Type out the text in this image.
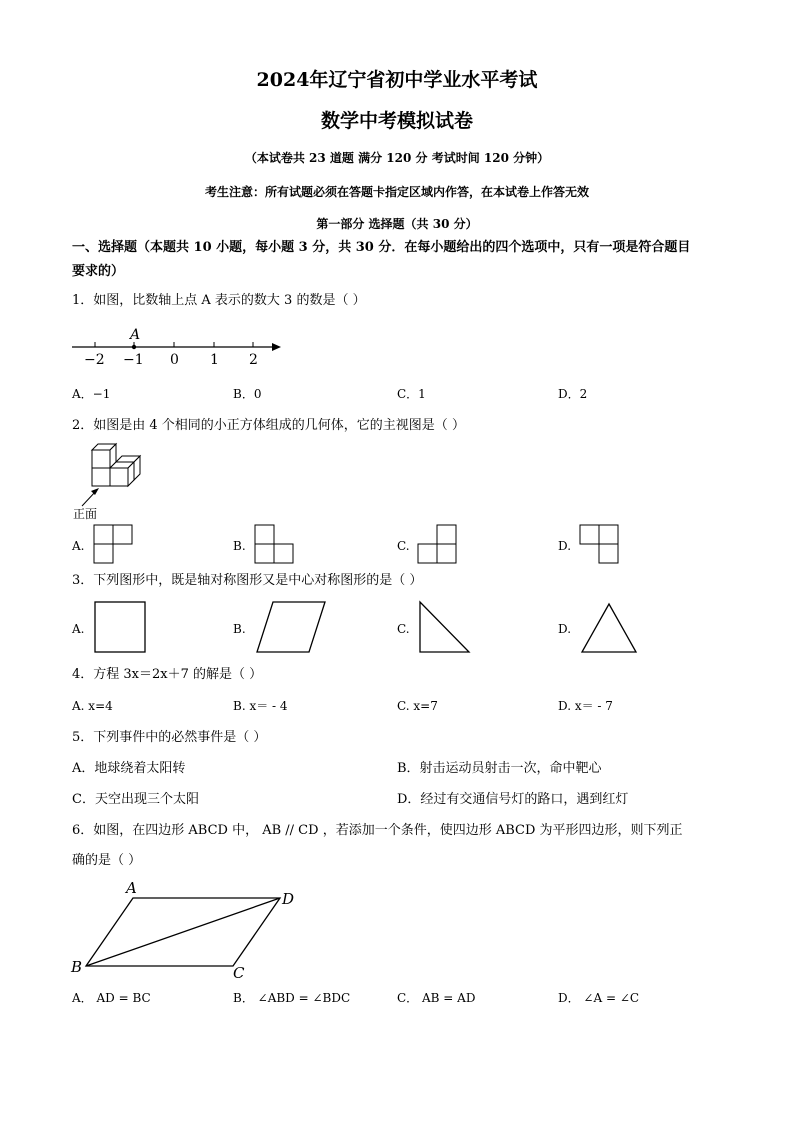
2024年辽宁省初中学业水平考试
数学中考模拟试卷
（本试卷共 23 道题 满分 120 分 考试时间 120 分钟）
考生注意：所有试题必须在答题卡指定区域内作答，在本试卷上作答无效
第一部分 选择题（共 30 分）
一、选择题（本题共 10 小题，每小题 3 分，共 30 分．在每小题给出的四个选项中，只有一项是符合题目
要求的）
1．如图，比数轴上点 A 表示的数大 3 的数是（ ）
A
−2 −1 0 1 2
A．−1	B．0	C．1	D．2
2．如图是由 4 个相同的小正方体组成的几何体，它的主视图是（ ）
正面
A.	B.	C.	D.
3．下列图形中，既是轴对称图形又是中心对称图形的是（ ）
A.	B.	C.	D.
4．方程 3x＝2x＋7 的解是（ ）
A. x=4	B. x＝ - 4	C. x=7	D. x＝ - 7
5．下列事件中的必然事件是（ ）
A．地球绕着太阳转	B．射击运动员射击一次，命中靶心
C．天空出现三个太阳	D．经过有交通信号灯的路口，遇到红灯
6．如图，在四边形 ABCD 中， AB // CD ，若添加一个条件，使四边形 ABCD 为平形四边形，则下列正
确的是（ ）
A
D
B	C
A． AD = BC	B． ∠ABD = ∠BDC	C． AB = AD	D． ∠A = ∠C
